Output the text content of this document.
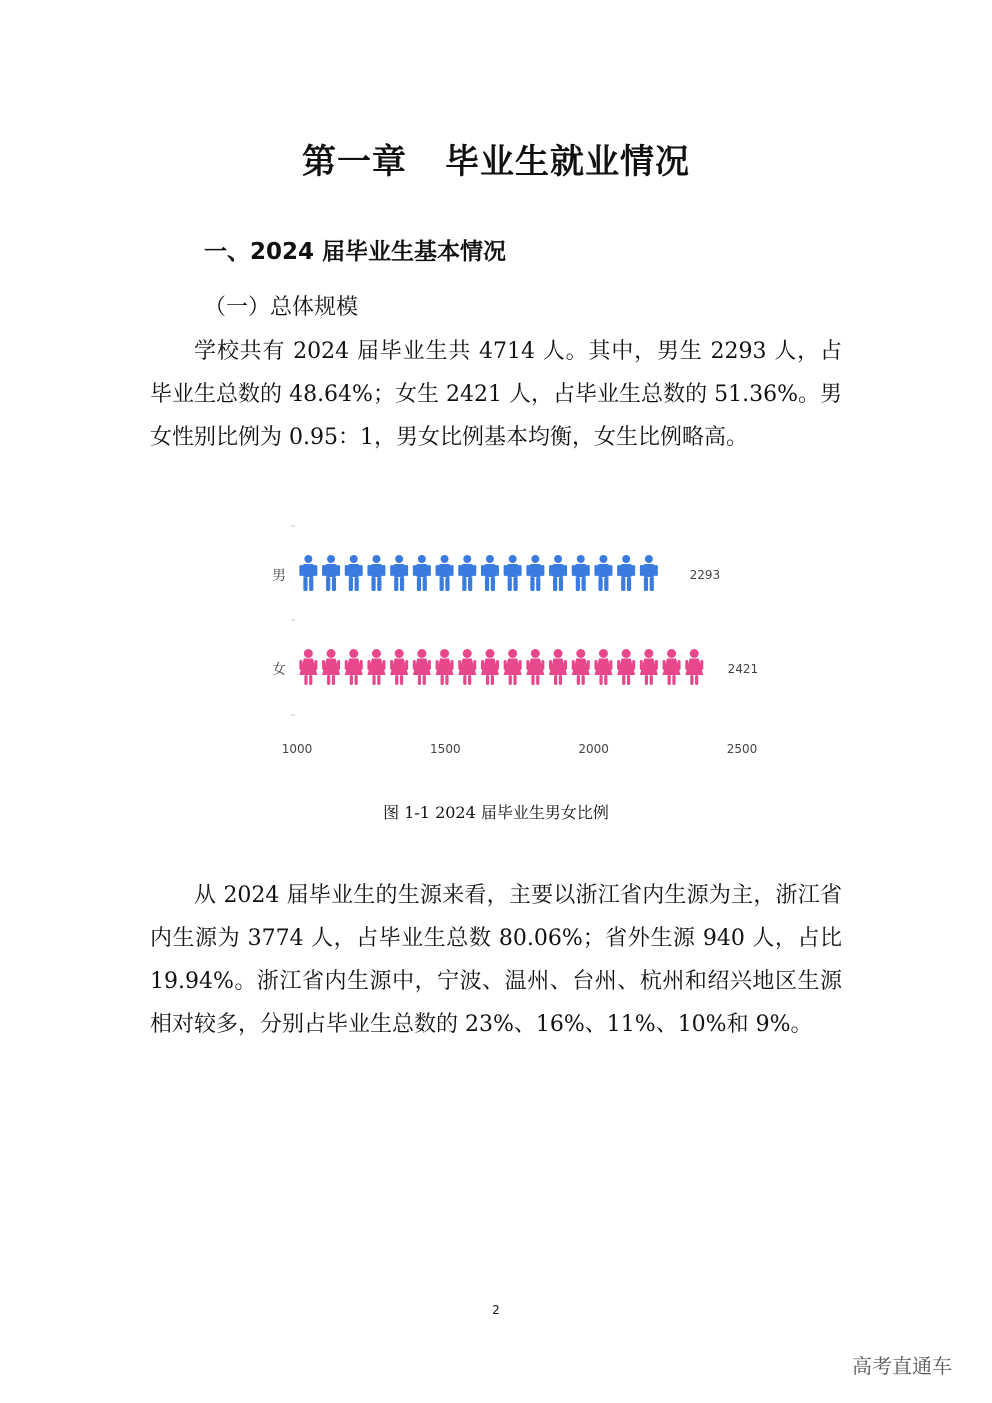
第一章 毕业生就业情况
一、2024 届毕业生基本情况
（一）总体规模

学校共有 2024 届毕业生共 4714 人。其中，男生 2293 人，占毕业生总数的 48.64%；女生 2421 人，占毕业生总数的 51.36%。男女性别比例为 0.95：1，男女比例基本均衡，女生比例略高。

男	2293
女	2421
1000	1500	2000	2500
图 1-1 2024 届毕业生男女比例

从 2024 届毕业生的生源来看，主要以浙江省内生源为主，浙江省内生源为 3774 人，占毕业生总数 80.06%；省外生源 940 人，占比 19.94%。浙江省内生源中，宁波、温州、台州、杭州和绍兴地区生源相对较多，分别占毕业生总数的 23%、16%、11%、10%和 9%。

2
高考直通车
